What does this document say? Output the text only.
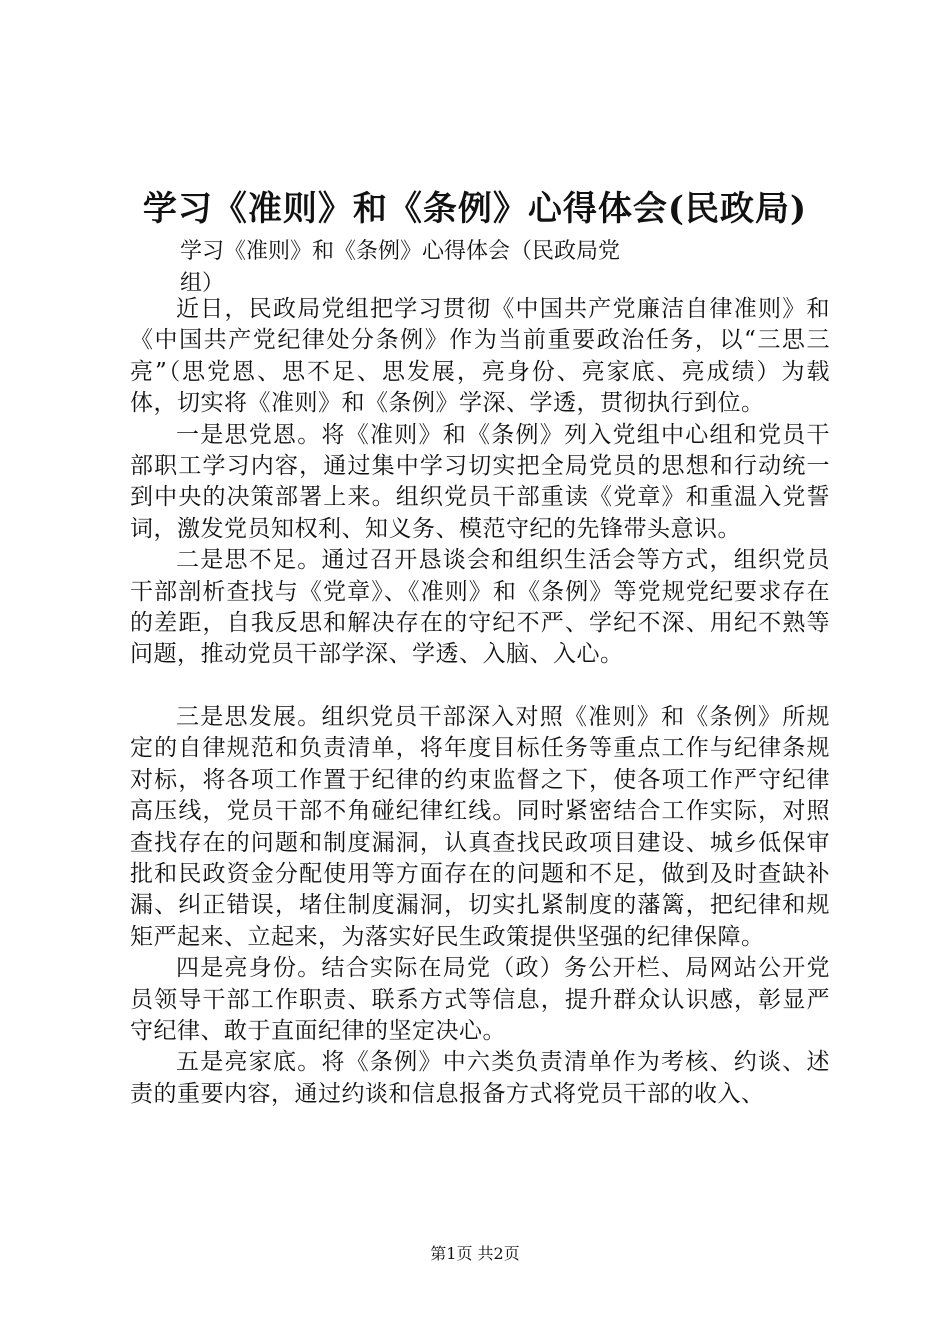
学习《准则》和《条例》心得体会(民政局)
学习《准则》和《条例》心得体会（民政局党组）

近日，民政局党组把学习贯彻《中国共产党廉洁自律准则》和《中国共产党纪律处分条例》作为当前重要政治任务，以“三思三亮”（思党恩、思不足、思发展，亮身份、亮家底、亮成绩）为载体，切实将《准则》和《条例》学深、学透，贯彻执行到位。

一是思党恩。将《准则》和《条例》列入党组中心组和党员干部职工学习内容，通过集中学习切实把全局党员的思想和行动统一到中央的决策部署上来。组织党员干部重读《党章》和重温入党誓词，激发党员知权利、知义务、模范守纪的先锋带头意识。

二是思不足。通过召开恳谈会和组织生活会等方式，组织党员干部剖析查找与《党章》、《准则》和《条例》等党规党纪要求存在的差距，自我反思和解决存在的守纪不严、学纪不深、用纪不熟等问题，推动党员干部学深、学透、入脑、入心。

三是思发展。组织党员干部深入对照《准则》和《条例》所规定的自律规范和负责清单，将年度目标任务等重点工作与纪律条规对标，将各项工作置于纪律的约束监督之下，使各项工作严守纪律高压线，党员干部不角碰纪律红线。同时紧密结合工作实际，对照查找存在的问题和制度漏洞，认真查找民政项目建设、城乡低保审批和民政资金分配使用等方面存在的问题和不足，做到及时查缺补漏、纠正错误，堵住制度漏洞，切实扎紧制度的藩篱，把纪律和规矩严起来、立起来，为落实好民生政策提供坚强的纪律保障。

四是亮身份。结合实际在局党（政）务公开栏、局网站公开党员领导干部工作职责、联系方式等信息，提升群众认识感，彰显严守纪律、敢于直面纪律的坚定决心。

五是亮家底。将《条例》中六类负责清单作为考核、约谈、述责的重要内容，通过约谈和信息报备方式将党员干部的收入、

第1页 共2页
